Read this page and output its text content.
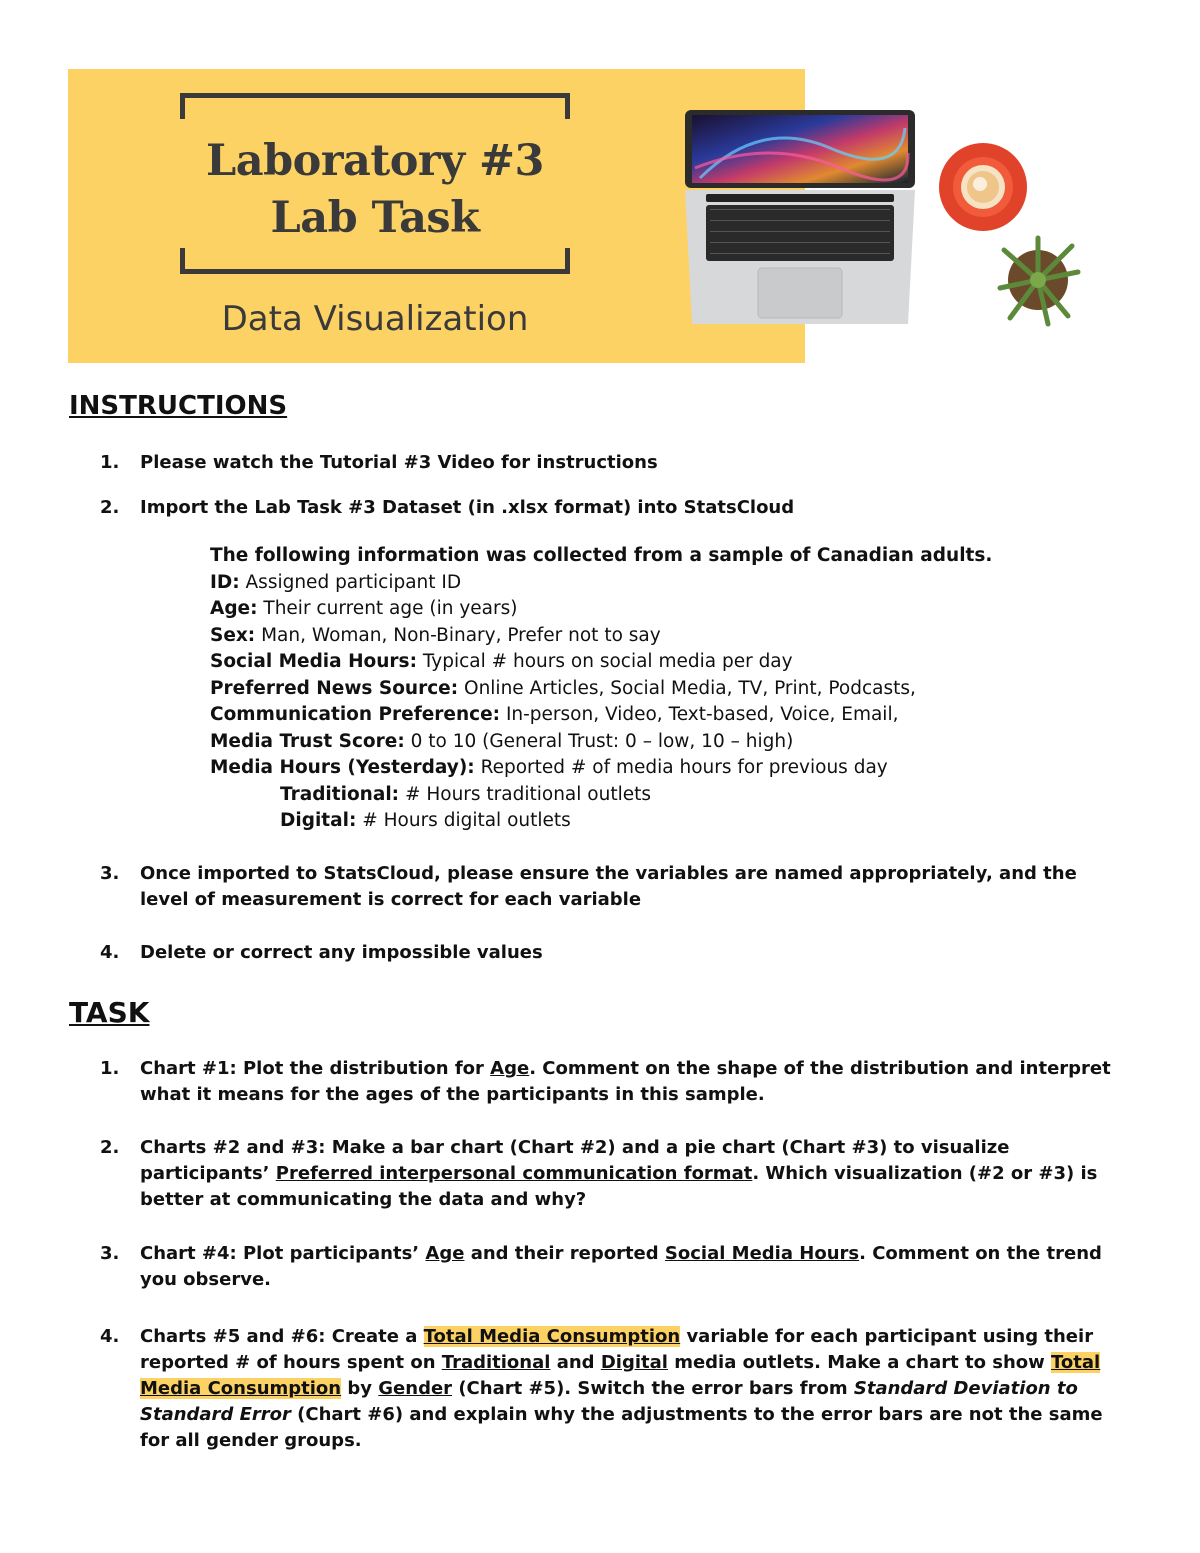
Laboratory #3
Lab Task
Data Visualization
INSTRUCTIONS
1.	Please watch the Tutorial #3 Video for instructions
2.	Import the Lab Task #3 Dataset (in .xlsx format) into StatsCloud
The following information was collected from a sample of Canadian adults.
ID: Assigned participant ID
Age: Their current age (in years)
Sex: Man, Woman, Non-Binary, Prefer not to say
Social Media Hours: Typical # hours on social media per day
Preferred News Source: Online Articles, Social Media, TV, Print, Podcasts,
Communication Preference: In-person, Video, Text-based, Voice, Email,
Media Trust Score: 0 to 10 (General Trust: 0 – low, 10 – high)
Media Hours (Yesterday): Reported # of media hours for previous day
Traditional: # Hours traditional outlets
Digital: # Hours digital outlets
3.	Once imported to StatsCloud, please ensure the variables are named appropriately, and the
level of measurement is correct for each variable
4.	Delete or correct any impossible values
TASK
1.	Chart #1: Plot the distribution for Age. Comment on the shape of the distribution and interpret
what it means for the ages of the participants in this sample.
2.	Charts #2 and #3: Make a bar chart (Chart #2) and a pie chart (Chart #3) to visualize
participants’ Preferred interpersonal communication format. Which visualization (#2 or #3) is
better at communicating the data and why?
3.	Chart #4: Plot participants’ Age and their reported Social Media Hours. Comment on the trend
you observe.
4.	Charts #5 and #6: Create a Total Media Consumption variable for each participant using their
reported # of hours spent on Traditional and Digital media outlets. Make a chart to show Total
Media Consumption by Gender (Chart #5). Switch the error bars from Standard Deviation to
Standard Error (Chart #6) and explain why the adjustments to the error bars are not the same
for all gender groups.
